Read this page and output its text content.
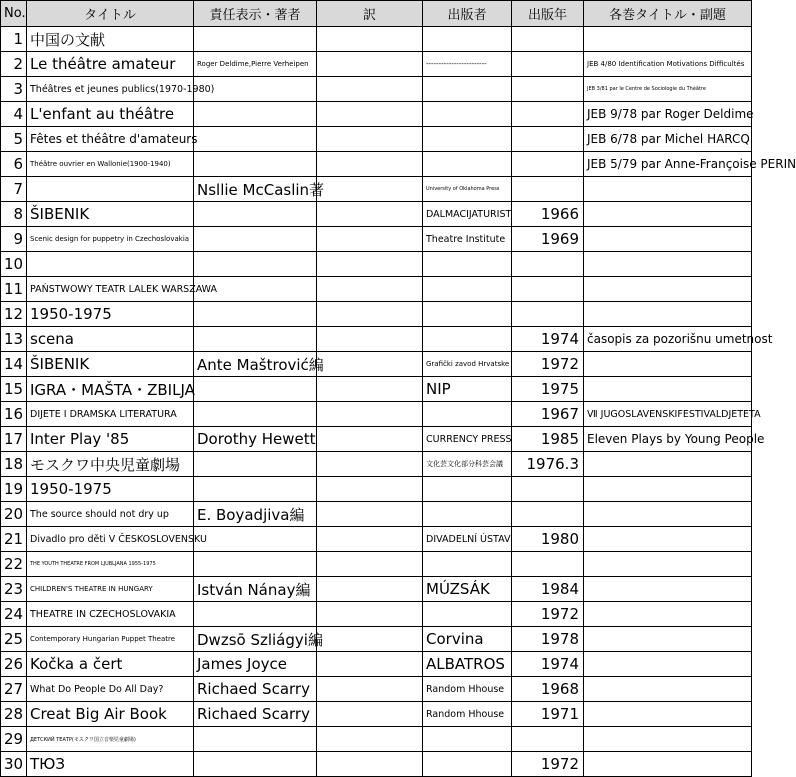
No.	タイトル	責任表示・著者	訳	出版者	出版年	各巻タイトル・副題
1	中国の文献					
2	Le théâtre amateur	Roger Deldime,Pierre Verheipen		------------------------		JEB 4/80 Identification Motivations Difficultés
3	Théâtres et jeunes publics(1970-1980)					JEB 3/81 par le Centre de Sociologie du Théâtre
4	L'enfant au théâtre					JEB 9/78 par Roger Deldime
5	Fêtes et théâtre d'amateurs					JEB 6/78 par Michel HARCQ
6	Théâtre ouvrier en Wallonie(1900-1940)					JEB 5/79 par Anne-Françoise PERIN
7		Nsllie McCaslin著		University of Oklahoma Press		
8	ŠIBENIK			DALMACIJATURIST	1966	
9	Scenic design for puppetry in Czechoslovakia			Theatre Institute	1969	
10						
11	PAŃSTWOWY TEATR LALEK WARSZAWA					
12	1950-1975					
13	scena				1974	časopis za pozorišnu umetnost
14	ŠIBENIK	Ante Maštrović編		Grafički zavod Hrvatske	1972	
15	IGRA・MAŠTA・ZBILJA			NIP	1975	
16	DIJETE I DRAMSKA LITERATURA				1967	Ⅶ JUGOSLAVENSKIFESTIVALDJETETA
17	Inter Play '85	Dorothy Hewett		CURRENCY PRESS	1985	Eleven Plays by Young People
18	モスクワ中央児童劇場			文化芸文化部分科芸会議	1976.3	
19	1950-1975					
20	The source should not dry up	E. Boyadjiva編				
21	Divadlo pro děti V ČESKOSLOVENSKU			DIVADELNÍ ÚSTAV	1980	
22	THE YOUTH THEATRE FROM LJUBLJANA 1955-1975					
23	CHILDREN'S THEATRE IN HUNGARY	István Nánay編		MÚZSÁK	1984	
24	THEATRE IN CZECHOSLOVAKIA				1972	
25	Contemporary Hungarian Puppet Theatre	Dwzsō Szliágyi編		Corvina	1978	
26	Kočka a čert	James Joyce		ALBATROS	1974	
27	What Do People Do All Day?	Richaed Scarry		Random Hhouse	1968	
28	Creat Big Air Book	Richaed Scarry		Random Hhouse	1971	
29	ДЕТСКИЙ ТЕАТР(モスクワ国立音楽児童劇場)					
30	ТЮЗ				1972	
